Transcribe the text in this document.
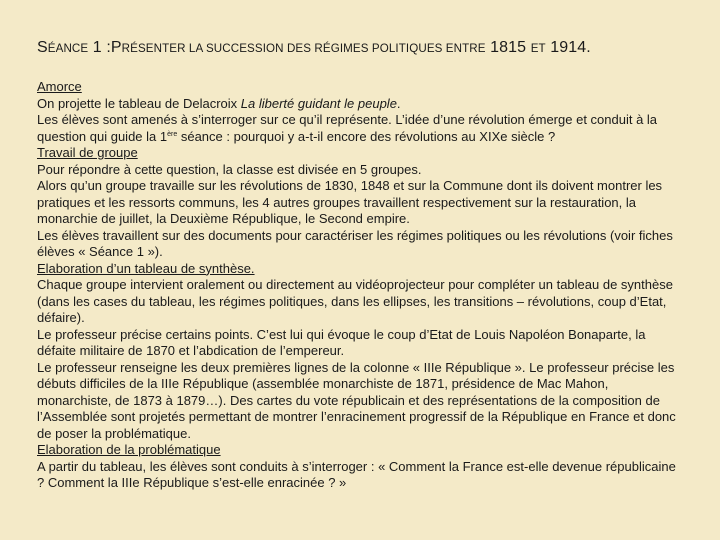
SÉANCE 1 :PRÉSENTER LA SUCCESSION DES RÉGIMES POLITIQUES ENTRE 1815 ET 1914.

Amorce

On projette le tableau de Delacroix La liberté guidant le peuple.

Les élèves sont amenés à s’interroger sur ce qu’il représente. L’idée d’une révolution émerge et conduit à la question qui guide la 1ère séance : pourquoi y a-t-il encore des révolutions au XIXe siècle ?

Travail de groupe

Pour répondre à cette question, la classe est divisée en 5 groupes.

Alors qu’un groupe travaille sur les révolutions de 1830, 1848 et sur la Commune dont ils doivent montrer les pratiques et les ressorts communs, les 4 autres groupes travaillent respectivement sur la restauration, la monarchie de juillet, la Deuxième République, le Second empire.

Les élèves travaillent sur des documents pour caractériser les régimes politiques ou les révolutions (voir fiches élèves « Séance 1 »).

Elaboration d’un tableau de synthèse.

Chaque groupe intervient oralement ou directement au vidéoprojecteur pour compléter un tableau de synthèse (dans les cases du tableau, les régimes politiques, dans les ellipses, les transitions – révolutions, coup d’Etat, défaire).

Le professeur précise certains points. C’est lui qui évoque le coup d’Etat de Louis Napoléon Bonaparte, la défaite militaire de 1870 et l’abdication de l’empereur.

Le professeur renseigne les deux premières lignes de la colonne « IIIe République ». Le professeur précise les débuts difficiles de la IIIe République (assemblée monarchiste de 1871, présidence de Mac Mahon, monarchiste, de 1873 à 1879…). Des cartes du vote républicain et des représentations de la composition de l’Assemblée sont projetés permettant de montrer l’enracinement progressif de la République en France et donc de poser la problématique.

Elaboration de la problématique

A partir du tableau, les élèves sont conduits à s’interroger : « Comment la France est-elle devenue républicaine ? Comment la IIIe République s’est-elle enracinée ? »
